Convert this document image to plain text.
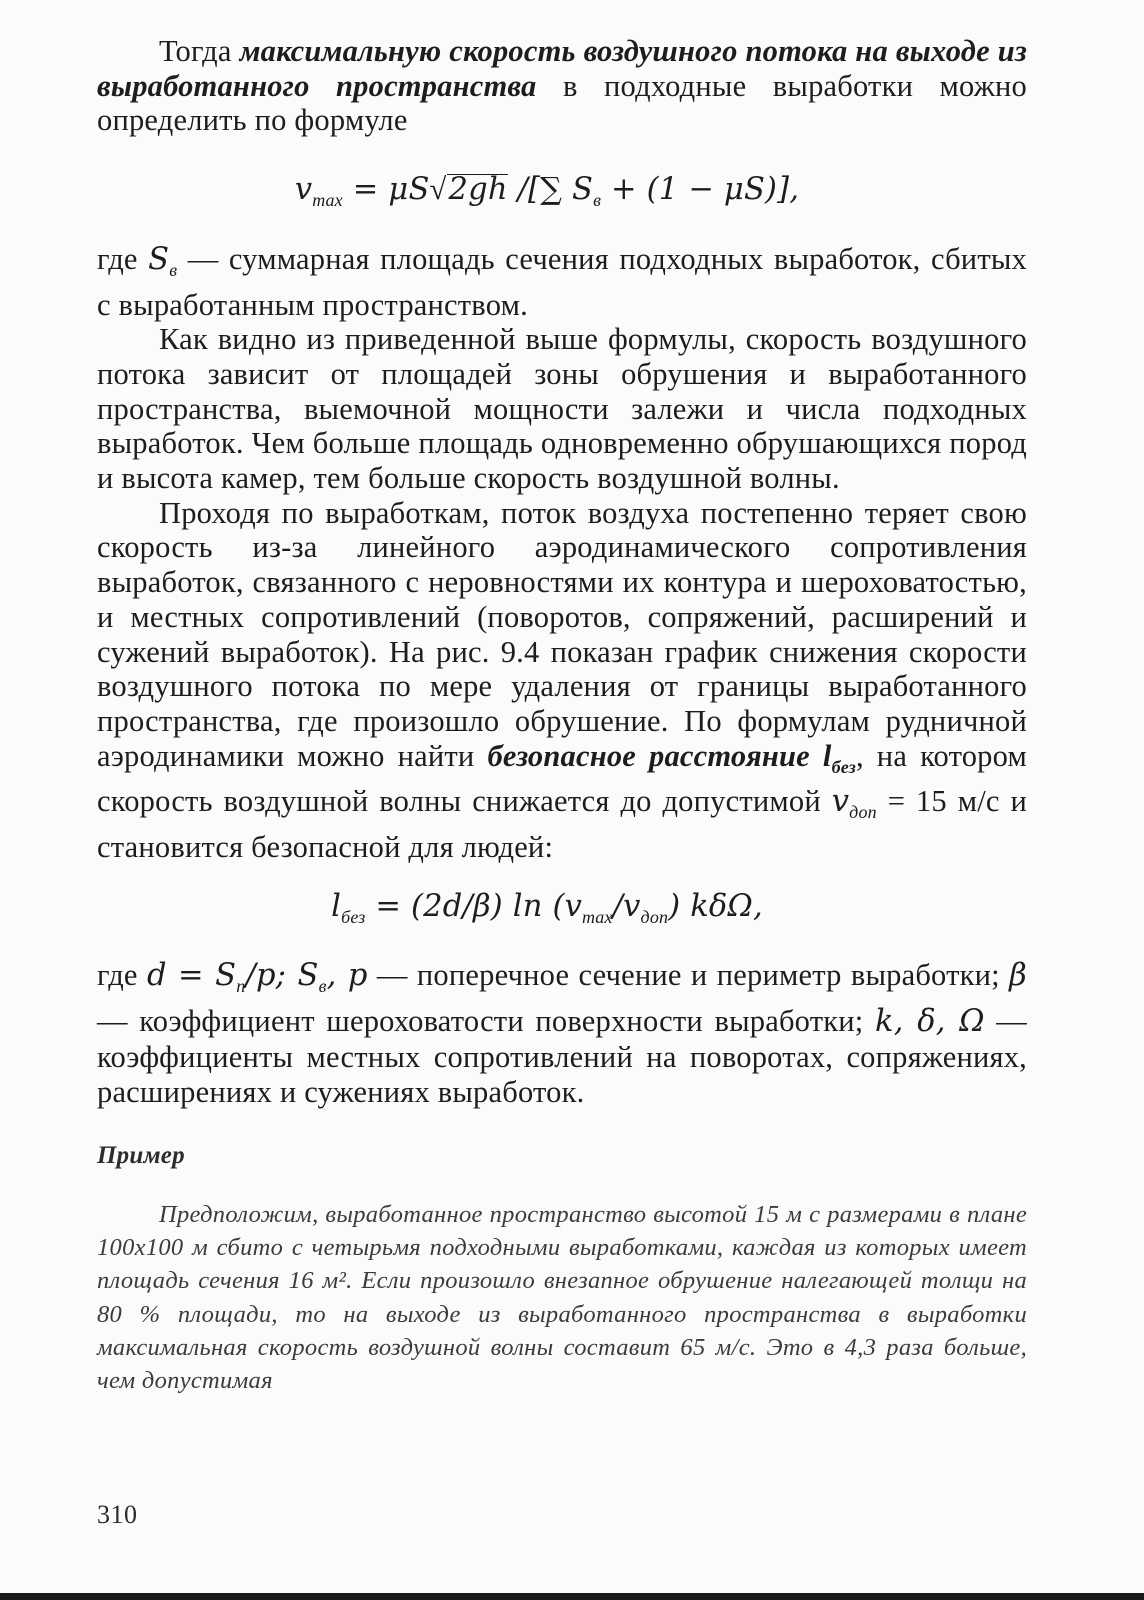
Тогда максимальную скорость воздушного потока на выходе из выработанного пространства в подходные выработки можно определить по формуле

$v_{max} = \mu S√2gh$ /[∑ $S_в + (1 - \mu S)$],

где $S_в$ — суммарная площадь сечения подходных выработок, сбитых с выработанным пространством.

Как видно из приведенной выше формулы, скорость воздушного потока зависит от площадей зоны обрушения и выработанного пространства, выемочной мощности залежи и числа подходных выработок. Чем больше площадь одновременно обрушающихся пород и высота камер, тем больше скорость воздушной волны.

Проходя по выработкам, поток воздуха постепенно теряет свою скорость из-за линейного аэродинамического сопротивления выработок, связанного с неровностями их контура и шероховатостью, и местных сопротивлений (поворотов, сопряжений, расширений и сужений выработок). На рис. 9.4 показан график снижения скорости воздушного потока по мере удаления от границы выработанного пространства, где произошло обрушение. По формулам рудничной аэродинамики можно найти безопасное расстояние $l_{без}$, на котором скорость воздушной волны снижается до допустимой $v_{доп} = 15$ м/с и становится безопасной для людей:

$l_{без} = (2d/\beta)$ $\ln (v_{max}/v_{доп})$ kδΩ,

где $d = S_п/p$; $S_в$, p — поперечное сечение и периметр выработки; β — коэффициент шероховатости поверхности выработки; k, δ, Ω — коэффициенты местных сопротивлений на поворотах, сопряжениях, расширениях и сужениях выработок.

Пример

Предположим, выработанное пространство высотой 15 м с размерами в плане 100x100 м сбито с четырьмя подходными выработками, каждая из которых имеет площадь сечения 16 м². Если произошло внезапное обрушение налегающей толщи на 80 % площади, то на выходе из выработанного пространства в выработки максимальная скорость воздушной волны составит 65 м/с. Это в 4,3 раза больше, чем допустимая

310
